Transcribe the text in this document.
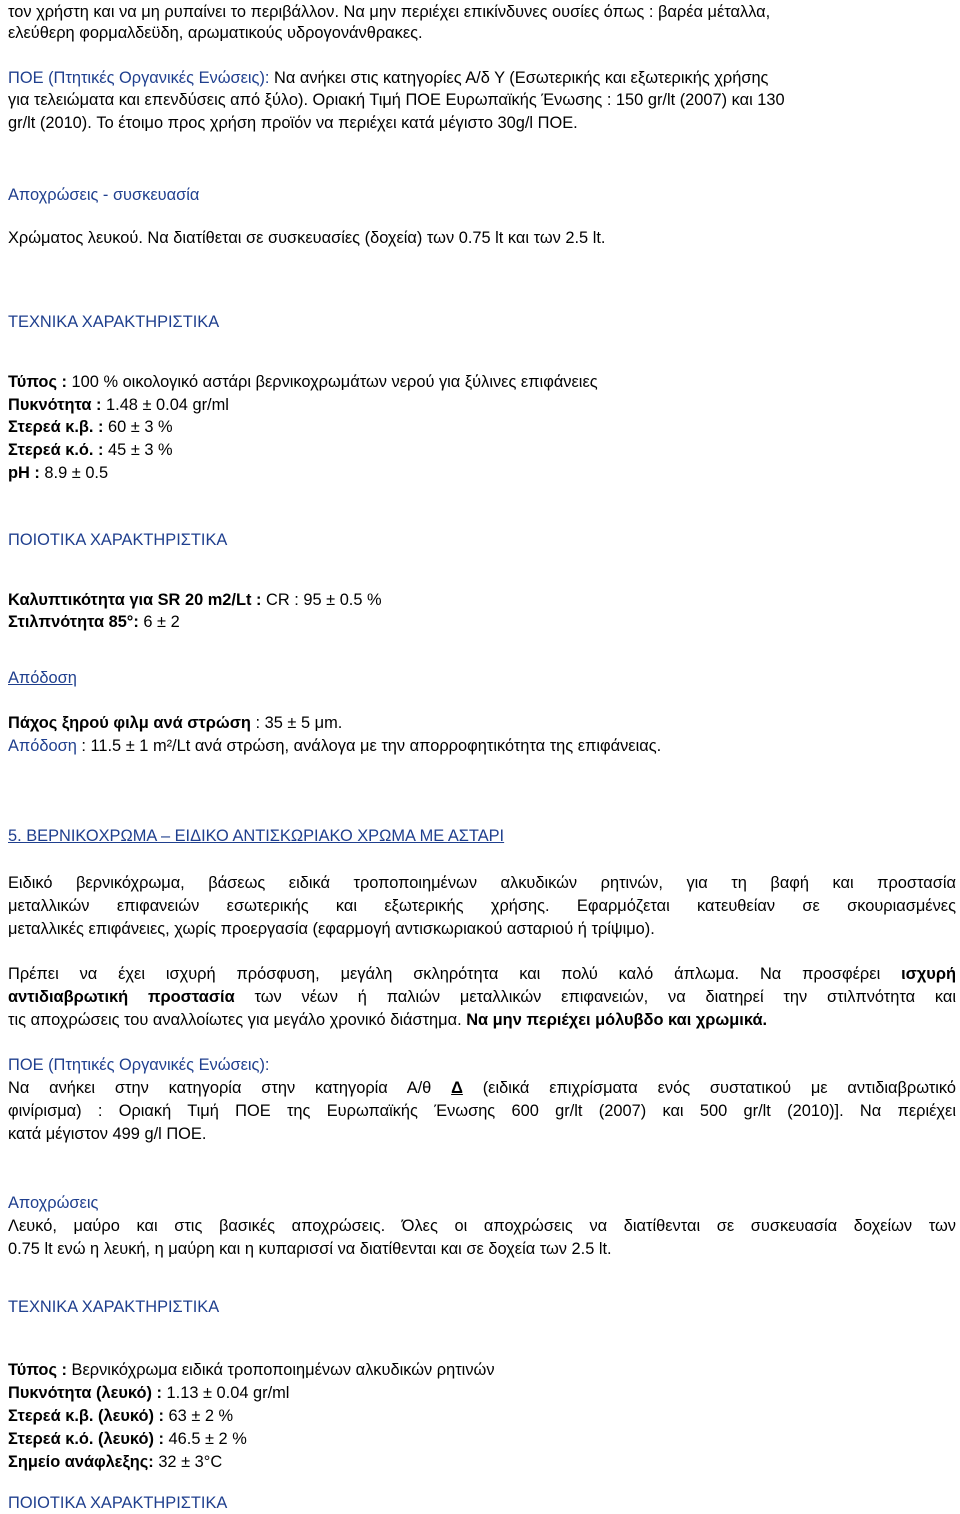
τον χρήστη και να μη ρυπαίνει το περιβάλλον. Να μην περιέχει επικίνδυνες ουσίες όπως : βαρέα μέταλλα,
ελεύθερη φορμαλδεϋδη, αρωματικούς υδρογονάνθρακες.
ΠΟΕ (Πτητικές Οργανικές Ενώσεις): Να ανήκει στις κατηγορίες Α/δ Υ (Εσωτερικής και εξωτερικής χρήσης
για τελειώματα και επενδύσεις από ξύλο). Οριακή Τιμή ΠΟΕ Ευρωπαϊκής Ένωσης : 150 gr/lt (2007) και 130
gr/lt (2010). Το έτοιμο προς χρήση προϊόν να περιέχει κατά μέγιστο 30g/l ΠΟΕ.
Αποχρώσεις - συσκευασία
Χρώματος λευκού. Να διατίθεται σε συσκευασίες (δοχεία) των 0.75 lt και των 2.5 lt.
ΤΕΧΝΙΚΑ ΧΑΡΑΚΤΗΡΙΣΤΙΚΑ
Τύπος : 100 % οικολογικό αστάρι βερνικοχρωμάτων νερού για ξύλινες επιφάνειες
Πυκνότητα : 1.48 ± 0.04 gr/ml
Στερεά κ.β. : 60 ± 3 %
Στερεά κ.ό. : 45 ± 3 %
pH : 8.9 ± 0.5
ΠΟΙΟΤΙΚΑ ΧΑΡΑΚΤΗΡΙΣΤΙΚΑ
Καλυπτικότητα για SR 20 m2/Lt : CR : 95 ± 0.5 %
Στιλπνότητα 85°: 6 ± 2
Απόδοση
Πάχος ξηρού φιλμ ανά στρώση : 35 ± 5 μm.
Απόδοση : 11.5 ± 1 m²/Lt ανά στρώση, ανάλογα με την απορροφητικότητα της επιφάνειας.
5. ΒΕΡΝΙΚΟΧΡΩΜΑ – ΕΙΔΙΚΟ ΑΝΤΙΣΚΩΡΙΑΚΟ ΧΡΩΜΑ ΜΕ ΑΣΤΑΡΙ
Ειδικό βερνικόχρωμα, βάσεως ειδικά τροποποιημένων αλκυδικών ρητινών, για τη βαφή και προστασία
μεταλλικών επιφανειών εσωτερικής και εξωτερικής χρήσης. Εφαρμόζεται κατευθείαν σε σκουριασμένες
μεταλλικές επιφάνειες, χωρίς προεργασία (εφαρμογή αντισκωριακού ασταριού ή τρίψιμο).
Πρέπει να έχει ισχυρή πρόσφυση, μεγάλη σκληρότητα και πολύ καλό άπλωμα. Να προσφέρει ισχυρή
αντιδιαβρωτική προστασία των νέων ή παλιών μεταλλικών επιφανειών, να διατηρεί την στιλπνότητα και
τις αποχρώσεις του αναλλοίωτες για μεγάλο χρονικό διάστημα. Να μην περιέχει μόλυβδο και χρωμικά.
ΠΟΕ (Πτητικές Οργανικές Ενώσεις):
Να ανήκει στην κατηγορία στην κατηγορία Α/θ Δ (ειδικά επιχρίσματα ενός συστατικού με αντιδιαβρωτικό
φινίρισμα) : Οριακή Τιμή ΠΟΕ της Ευρωπαϊκής Ένωσης 600 gr/lt (2007) και 500 gr/lt (2010)]. Να περιέχει
κατά μέγιστον 499 g/l ΠΟΕ.
Αποχρώσεις
Λευκό, μαύρο και στις βασικές αποχρώσεις. Όλες οι αποχρώσεις να διατίθενται σε συσκευασία δοχείων των
0.75 lt ενώ η λευκή, η μαύρη και η κυπαρισσί να διατίθενται και σε δοχεία των 2.5 lt.
ΤΕΧΝΙΚΑ ΧΑΡΑΚΤΗΡΙΣΤΙΚΑ
Τύπος : Βερνικόχρωμα ειδικά τροποποιημένων αλκυδικών ρητινών
Πυκνότητα (λευκό) : 1.13 ± 0.04 gr/ml
Στερεά κ.β. (λευκό) : 63 ± 2 %
Στερεά κ.ό. (λευκό) : 46.5 ± 2 %
Σημείο ανάφλεξης: 32 ± 3°C
ΠΟΙΟΤΙΚΑ ΧΑΡΑΚΤΗΡΙΣΤΙΚΑ
